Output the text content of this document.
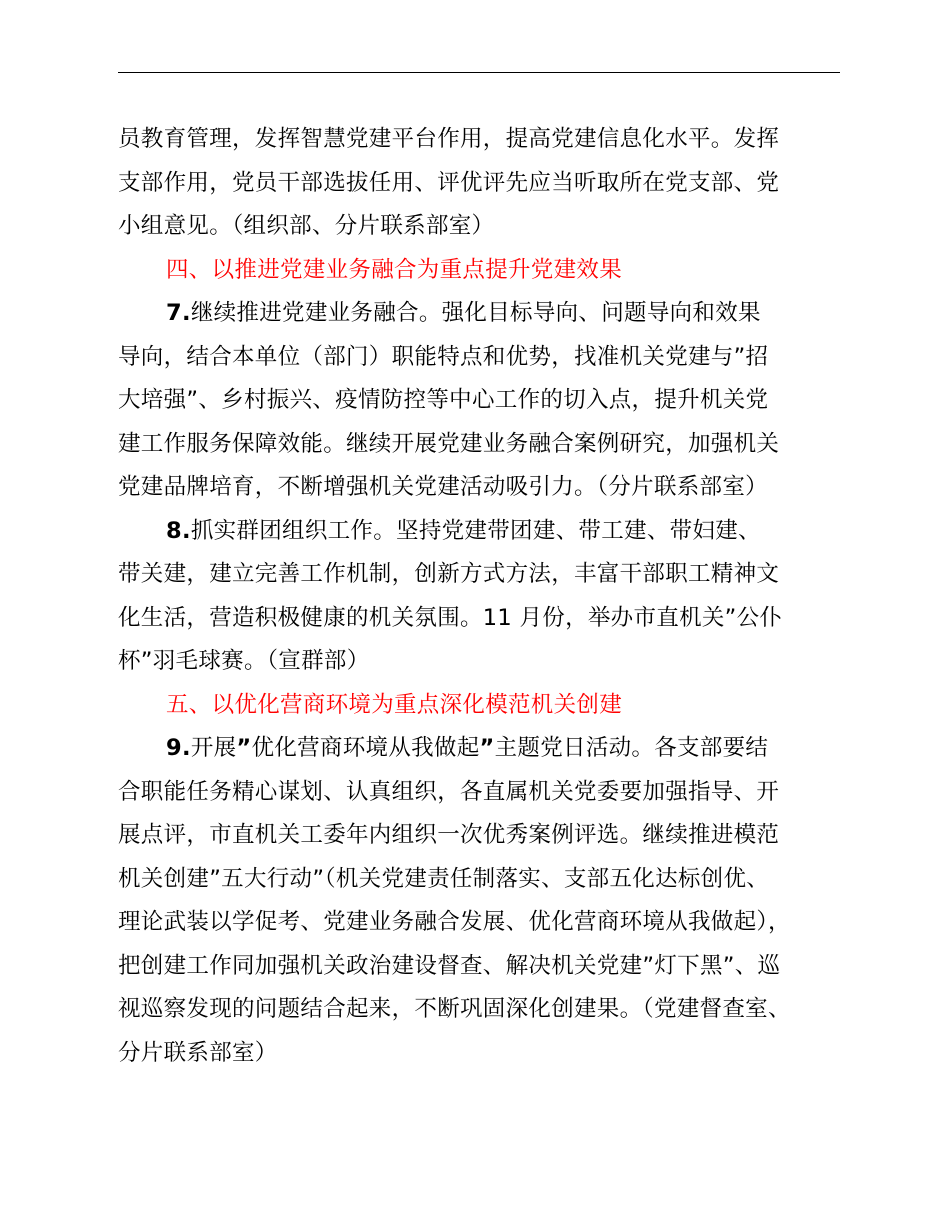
员教育管理，发挥智慧党建平台作用，提高党建信息化水平。发挥
支部作用，党员干部选拔任用、评优评先应当听取所在党支部、党
小组意见。（组织部、分片联系部室）
四、以推进党建业务融合为重点提升党建效果
7.继续推进党建业务融合。强化目标导向、问题导向和效果
导向，结合本单位（部门）职能特点和优势，找准机关党建与”招
大培强”、乡村振兴、疫情防控等中心工作的切入点，提升机关党
建工作服务保障效能。继续开展党建业务融合案例研究，加强机关
党建品牌培育，不断增强机关党建活动吸引力。（分片联系部室）
8.抓实群团组织工作。坚持党建带团建、带工建、带妇建、
带关建，建立完善工作机制，创新方式方法，丰富干部职工精神文
化生活，营造积极健康的机关氛围。11 月份，举办市直机关”公仆
杯”羽毛球赛。（宣群部）
五、以优化营商环境为重点深化模范机关创建
9.开展”优化营商环境从我做起”主题党日活动。各支部要结
合职能任务精心谋划、认真组织，各直属机关党委要加强指导、开
展点评，市直机关工委年内组织一次优秀案例评选。继续推进模范
机关创建”五大行动”（机关党建责任制落实、支部五化达标创优、
理论武装以学促考、党建业务融合发展、优化营商环境从我做起），
把创建工作同加强机关政治建设督查、解决机关党建”灯下黑”、巡
视巡察发现的问题结合起来，不断巩固深化创建果。（党建督查室、
分片联系部室）
